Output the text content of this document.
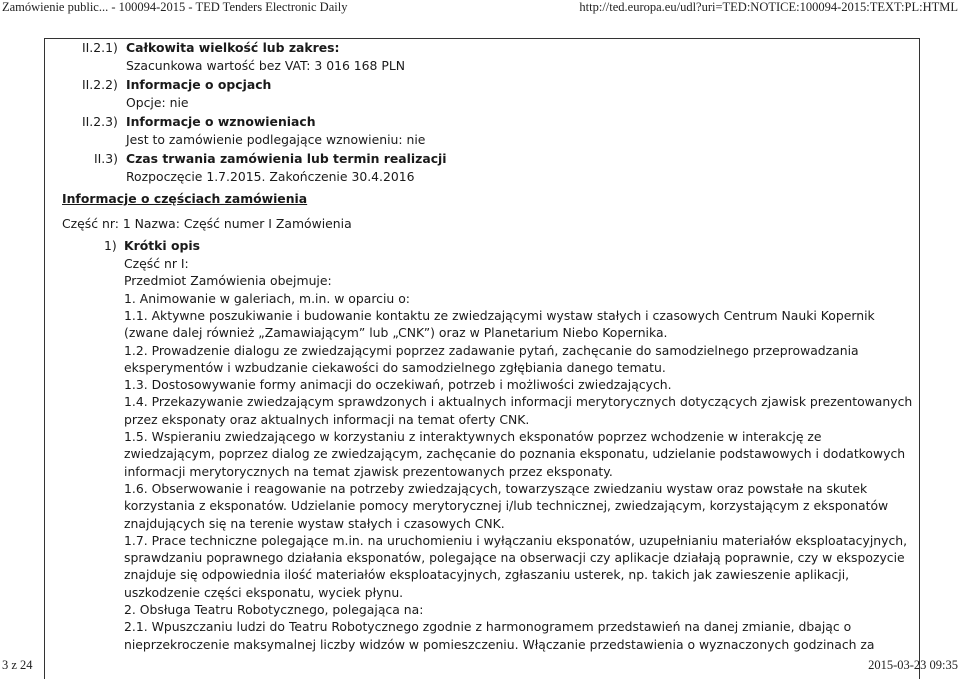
Zamówienie public... - 100094-2015 - TED Tenders Electronic Daily	http://ted.europa.eu/udl?uri=TED:NOTICE:100094-2015:TEXT:PL:HTML
II.2.1) Całkowita wielkość lub zakres:
Szacunkowa wartość bez VAT: 3 016 168 PLN
II.2.2) Informacje o opcjach
Opcje: nie
II.2.3) Informacje o wznowieniach
Jest to zamówienie podlegające wznowieniu: nie
II.3) Czas trwania zamówienia lub termin realizacji
Rozpoczęcie 1.7.2015. Zakończenie 30.4.2016
Informacje o częściach zamówienia
Część nr: 1 Nazwa: Część numer I Zamówienia
1) Krótki opis
Część nr I:
Przedmiot Zamówienia obejmuje:
1. Animowanie w galeriach, m.in. w oparciu o:
1.1. Aktywne poszukiwanie i budowanie kontaktu ze zwiedzającymi wystaw stałych i czasowych Centrum Nauki Kopernik
(zwane dalej również „Zamawiającym” lub „CNK”) oraz w Planetarium Niebo Kopernika.
1.2. Prowadzenie dialogu ze zwiedzającymi poprzez zadawanie pytań, zachęcanie do samodzielnego przeprowadzania
eksperymentów i wzbudzanie ciekawości do samodzielnego zgłębiania danego tematu.
1.3. Dostosowywanie formy animacji do oczekiwań, potrzeb i możliwości zwiedzających.
1.4. Przekazywanie zwiedzającym sprawdzonych i aktualnych informacji merytorycznych dotyczących zjawisk prezentowanych
przez eksponaty oraz aktualnych informacji na temat oferty CNK.
1.5. Wspieraniu zwiedzającego w korzystaniu z interaktywnych eksponatów poprzez wchodzenie w interakcję ze
zwiedzającym, poprzez dialog ze zwiedzającym, zachęcanie do poznania eksponatu, udzielanie podstawowych i dodatkowych
informacji merytorycznych na temat zjawisk prezentowanych przez eksponaty.
1.6. Obserwowanie i reagowanie na potrzeby zwiedzających, towarzyszące zwiedzaniu wystaw oraz powstałe na skutek
korzystania z eksponatów. Udzielanie pomocy merytorycznej i/lub technicznej, zwiedzającym, korzystającym z eksponatów
znajdujących się na terenie wystaw stałych i czasowych CNK.
1.7. Prace techniczne polegające m.in. na uruchomieniu i wyłączaniu eksponatów, uzupełnianiu materiałów eksploatacyjnych,
sprawdzaniu poprawnego działania eksponatów, polegające na obserwacji czy aplikacje działają poprawnie, czy w ekspozycie
znajduje się odpowiednia ilość materiałów eksploatacyjnych, zgłaszaniu usterek, np. takich jak zawieszenie aplikacji,
uszkodzenie części eksponatu, wycie​k płynu.
2. Obsługa Teatru Robotycznego, polegająca na:
2.1. Wpuszczaniu ludzi do Teatru Robotycznego zgodnie z harmonogramem przedstawień na danej zmianie, dbając o
nieprzekroczenie maksymalnej liczby widzów w pomieszczeniu. Włączanie przedstawienia o wyznaczonych godzinach za
3 z 24	2015-03-23 09:35
